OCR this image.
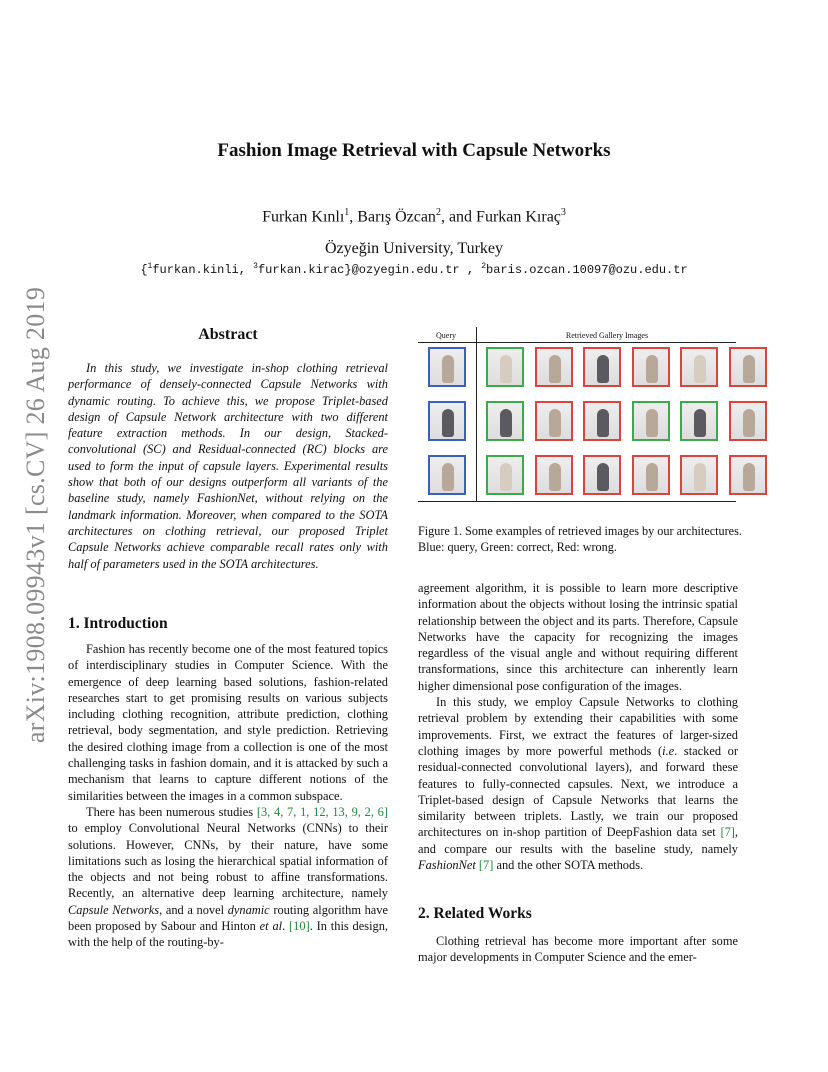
arXiv:1908.09943v1 [cs.CV] 26 Aug 2019
Fashion Image Retrieval with Capsule Networks
Furkan Kınlı$^1$, Barış Özcan$^2$, and Furkan Kıraç$^3$
Özyeğin University, Turkey
{$^1$furkan.kinli, $^3$furkan.kirac}@ozyegin.edu.tr , $^2$baris.ozcan.10097@ozu.edu.tr
Abstract
In this study, we investigate in-shop clothing retrieval performance of densely-connected Capsule Networks with dynamic routing. To achieve this, we propose Triplet-based design of Capsule Network architecture with two different feature extraction methods. In our design, Stacked-convolutional (SC) and Residual-connected (RC) blocks are used to form the input of capsule layers. Experimental results show that both of our designs outperform all variants of the baseline study, namely FashionNet, without relying on the landmark information. Moreover, when compared to the SOTA architectures on clothing retrieval, our proposed Triplet Capsule Networks achieve comparable recall rates only with half of parameters used in the SOTA architectures.
Query	Retrieved Gallery Images
Figure 1. Some examples of retrieved images by our architectures. Blue: query, Green: correct, Red: wrong.
1. Introduction

Fashion has recently become one of the most featured topics of interdisciplinary studies in Computer Science. With the emergence of deep learning based solutions, fashion-related researches start to get promising results on various subjects including clothing recognition, attribute prediction, clothing retrieval, body segmentation, and style prediction. Retrieving the desired clothing image from a collection is one of the most challenging tasks in fashion domain, and it is attacked by such a mechanism that learns to capture different notions of the similarities between the images in a common subspace.

There has been numerous studies [3, 4, 7, 1, 12, 13, 9, 2, 6] to employ Convolutional Neural Networks (CNNs) to their solutions. However, CNNs, by their nature, have some limitations such as losing the hierarchical spatial information of the objects and not being robust to affine transformations. Recently, an alternative deep learning architecture, namely Capsule Networks, and a novel dynamic routing algorithm have been proposed by Sabour and Hinton et al. [10]. In this design, with the help of the routing-by-

agreement algorithm, it is possible to learn more descriptive information about the objects without losing the intrinsic spatial relationship between the object and its parts. Therefore, Capsule Networks have the capacity for recognizing the images regardless of the visual angle and without requiring different transformations, since this architecture can inherently learn higher dimensional pose configuration of the images.

In this study, we employ Capsule Networks to clothing retrieval problem by extending their capabilities with some improvements. First, we extract the features of larger-sized clothing images by more powerful methods (i.e. stacked or residual-connected convolutional layers), and forward these features to fully-connected capsules. Next, we introduce a Triplet-based design of Capsule Networks that learns the similarity between triplets. Lastly, we train our proposed architectures on in-shop partition of DeepFashion data set [7], and compare our results with the baseline study, namely FashionNet [7] and the other SOTA methods.

2. Related Works

Clothing retrieval has become more important after some major developments in Computer Science and the emer-
